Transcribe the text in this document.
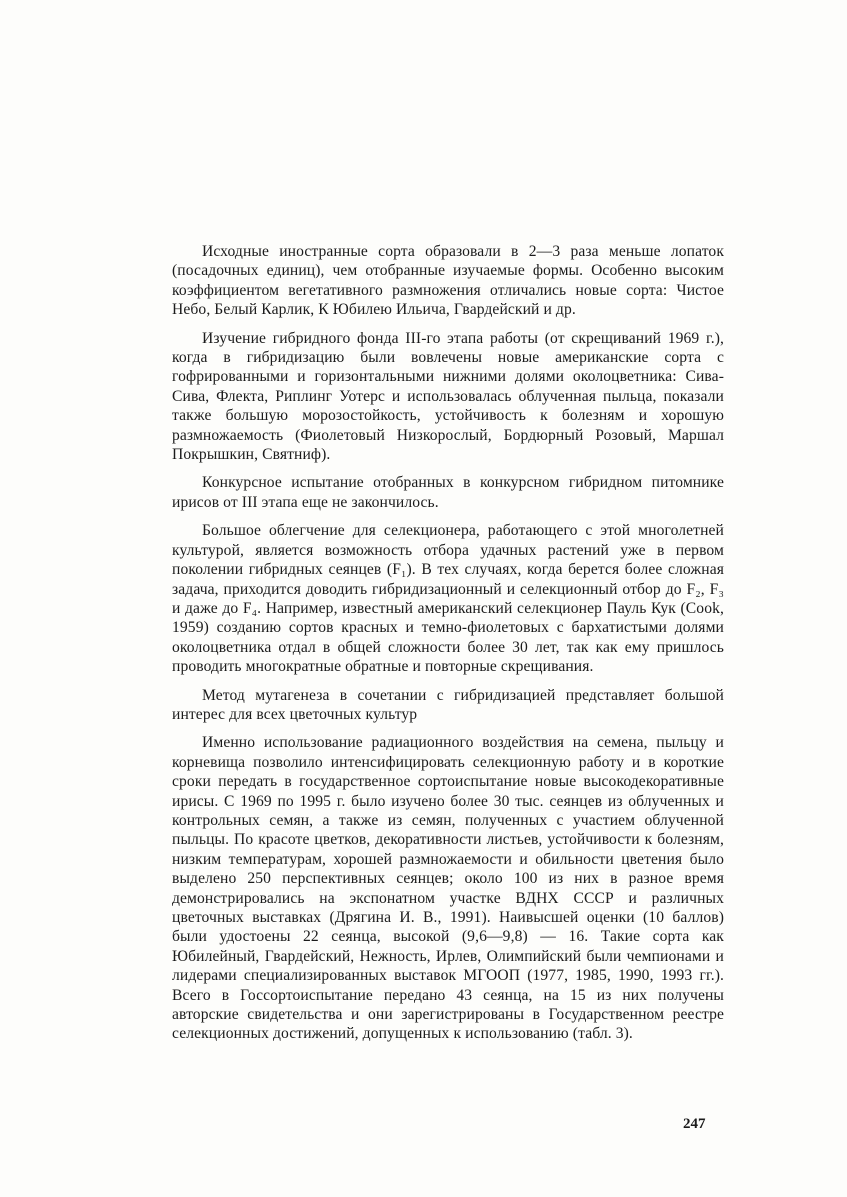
Исходные иностранные сорта образовали в 2—3 раза меньше лопаток (посадочных единиц), чем отобранные изучаемые формы. Особенно высоким коэффициентом вегетативного размножения отличались новые сорта: Чистое Небо, Белый Карлик, К Юбилею Ильича, Гвардейский и др.

Изучение гибридного фонда III-го этапа работы (от скрещиваний 1969 г.), когда в гибридизацию были вовлечены новые американские сорта с гофрированными и горизонтальными нижними долями околоцветника: Сива-Сива, Флекта, Риплинг Уотерс и использовалась облученная пыльца, показали также большую морозостойкость, устойчивость к болезням и хорошую размножаемость (Фиолетовый Низкорослый, Бордюрный Розовый, Маршал Покрышкин, Святниф).

Конкурсное испытание отобранных в конкурсном гибридном питомнике ирисов от III этапа еще не закончилось.

Большое облегчение для селекционера, работающего с этой многолетней культурой, является возможность отбора удачных растений уже в первом поколении гибридных сеянцев (F₁). В тех случаях, когда берется более сложная задача, приходится доводить гибридизационный и селекционный отбор до F₂, F₃ и даже до F₄. Например, известный американский селекционер Пауль Кук (Cook, 1959) созданию сортов красных и темно-фиолетовых с бархатистыми долями околоцветника отдал в общей сложности более 30 лет, так как ему пришлось проводить многократные обратные и повторные скрещивания.

Метод мутагенеза в сочетании с гибридизацией представляет большой интерес для всех цветочных культур

Именно использование радиационного воздействия на семена, пыльцу и корневища позволило интенсифицировать селекционную работу и в короткие сроки передать в государственное сортоиспытание новые высокодекоративные ирисы. С 1969 по 1995 г. было изучено более 30 тыс. сеянцев из облученных и контрольных семян, а также из семян, полученных с участием облученной пыльцы. По красоте цветков, декоративности листьев, устойчивости к болезням, низким температурам, хорошей размножаемости и обильности цветения было выделено 250 перспективных сеянцев; около 100 из них в разное время демонстрировались на экспонатном участке ВДНХ СССР и различных цветочных выставках (Дрягина И. В., 1991). Наивысшей оценки (10 баллов) были удостоены 22 сеянца, высокой (9,6—9,8) — 16. Такие сорта как Юбилейный, Гвардейский, Нежность, Ирлев, Олимпийский были чемпионами и лидерами специализированных выставок МГООП (1977, 1985, 1990, 1993 гг.). Всего в Госсортоиспытание передано 43 сеянца, на 15 из них получены авторские свидетельства и они зарегистрированы в Государственном реестре селекционных достижений, допущенных к использованию (табл. 3).

247
